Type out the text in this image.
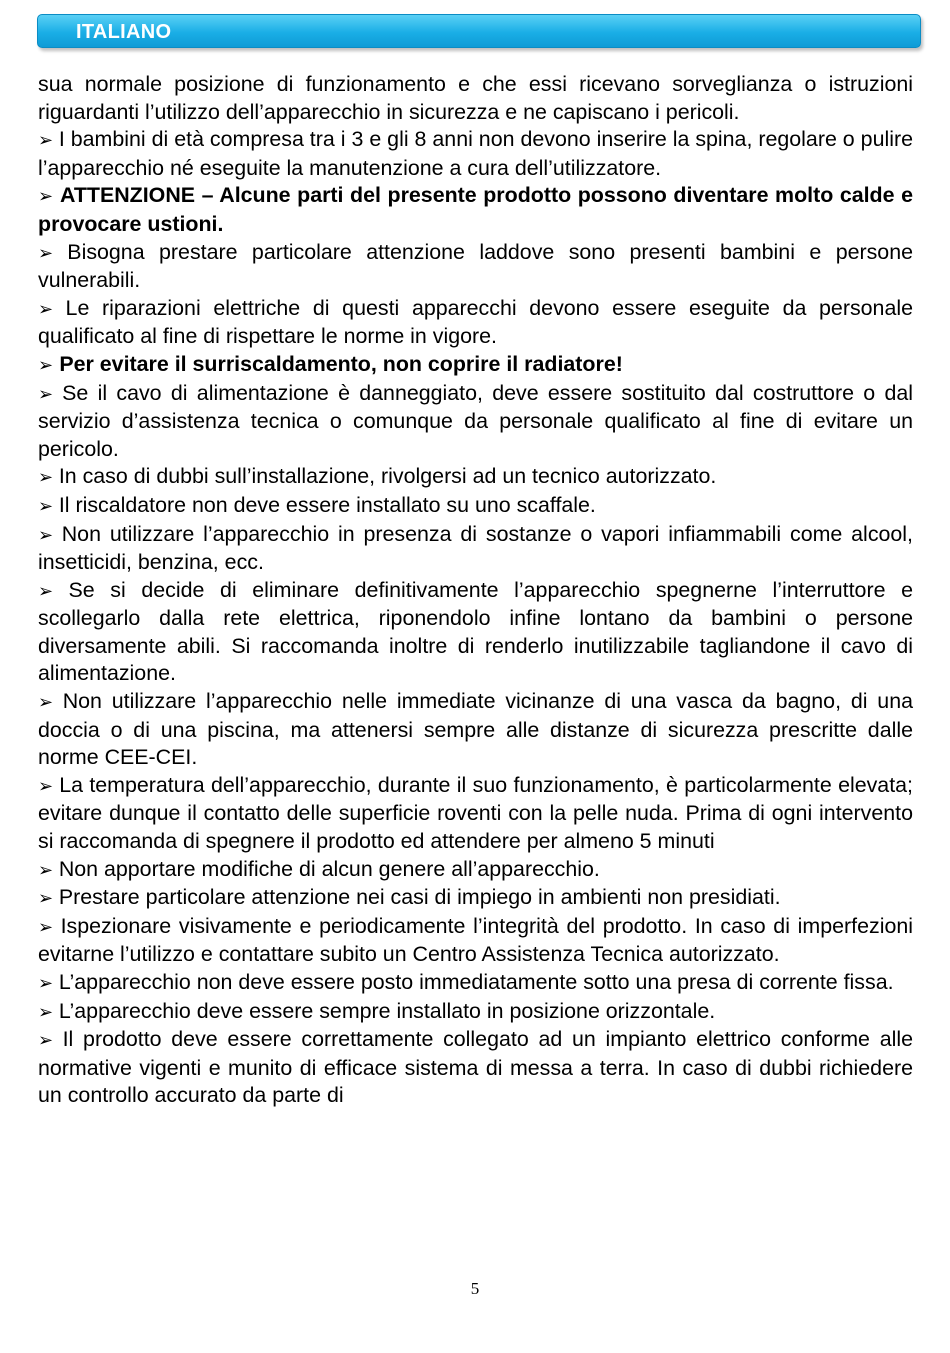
ITALIANO

sua normale posizione di funzionamento e che essi ricevano sorveglianza o istruzioni riguardanti l’utilizzo dell’apparecchio in sicurezza e ne capiscano i pericoli.

➢ I bambini di età compresa tra i 3 e gli 8 anni non devono inserire la spina, regolare o pulire l’apparecchio né eseguite la manutenzione a cura dell’utilizzatore.

➢ ATTENZIONE – Alcune parti del presente prodotto possono diventare molto calde e provocare ustioni.

➢ Bisogna prestare particolare attenzione laddove sono presenti bambini e persone vulnerabili.

➢ Le riparazioni elettriche di questi apparecchi devono essere eseguite da personale qualificato al fine di rispettare le norme in vigore.

➢ Per evitare il surriscaldamento, non coprire il radiatore!

➢ Se il cavo di alimentazione è danneggiato, deve essere sostituito dal costruttore o dal servizio d’assistenza tecnica o comunque da personale qualificato al fine di evitare un pericolo.

➢ In caso di dubbi sull’installazione, rivolgersi ad un tecnico autorizzato.

➢ Il riscaldatore non deve essere installato su uno scaffale.

➢ Non utilizzare l’apparecchio in presenza di sostanze o vapori infiammabili come alcool, insetticidi, benzina, ecc.

➢ Se si decide di eliminare definitivamente l’apparecchio spegnerne l’interruttore e scollegarlo dalla rete elettrica, riponendolo infine lontano da bambini o persone diversamente abili. Si raccomanda inoltre di renderlo inutilizzabile tagliandone il cavo di alimentazione.

➢ Non utilizzare l’apparecchio nelle immediate vicinanze di una vasca da bagno, di una doccia o di una piscina, ma attenersi sempre alle distanze di sicurezza prescritte dalle norme CEE-CEI.

➢ La temperatura dell’apparecchio, durante il suo funzionamento, è particolarmente elevata; evitare dunque il contatto delle superficie roventi con la pelle nuda. Prima di ogni intervento si raccomanda di spegnere il prodotto ed attendere per almeno 5 minuti

➢ Non apportare modifiche di alcun genere all’apparecchio.

➢ Prestare particolare attenzione nei casi di impiego in ambienti non presidiati.

➢ Ispezionare visivamente e periodicamente l’integrità del prodotto. In caso di imperfezioni evitarne l’utilizzo e contattare subito un Centro Assistenza Tecnica autorizzato.

➢ L’apparecchio non deve essere posto immediatamente sotto una presa di corrente fissa.

➢ L’apparecchio deve essere sempre installato in posizione orizzontale.

➢ Il prodotto deve essere correttamente collegato ad un impianto elettrico conforme alle normative vigenti e munito di efficace sistema di messa a terra. In caso di dubbi richiedere un controllo accurato da parte di

5
